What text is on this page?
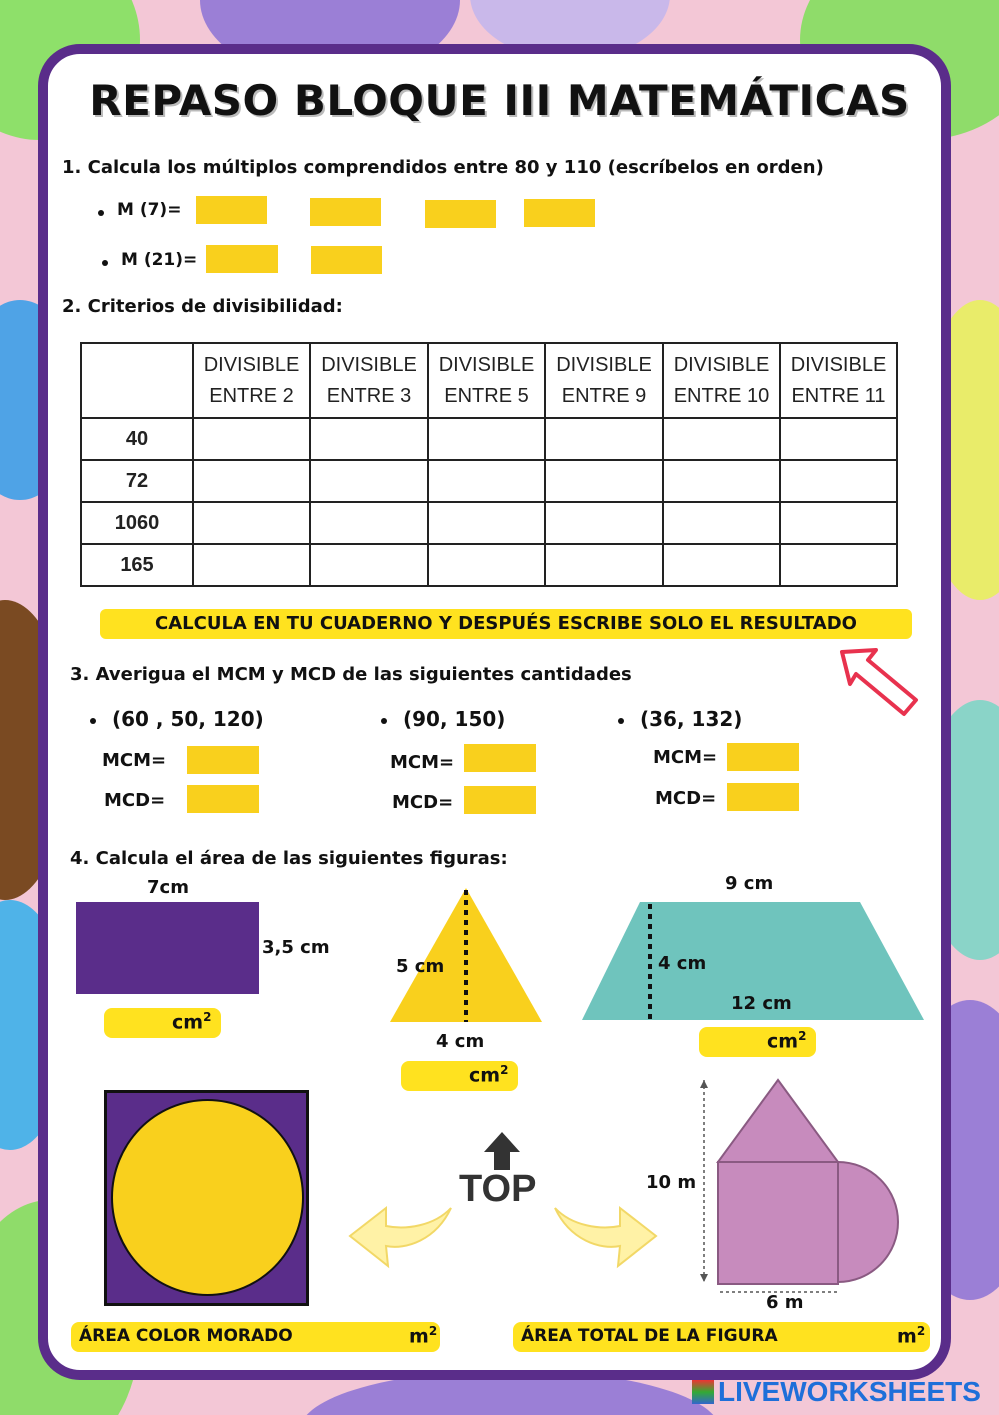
REPASO BLOQUE III MATEMÁTICAS
1. Calcula los múltiplos comprendidos entre 80 y 110 (escríbelos en orden)
M (7)=
M (21)=
2. Criterios de divisibilidad:
	DIVISIBLE ENTRE 2	DIVISIBLE ENTRE 3	DIVISIBLE ENTRE 5	DIVISIBLE ENTRE 9	DIVISIBLE ENTRE 10	DIVISIBLE ENTRE 11
40						
72						
1060						
165						
CALCULA EN TU CUADERNO Y DESPUÉS ESCRIBE SOLO EL RESULTADO
3. Averigua el MCM y MCD de las siguientes cantidades
(60 , 50, 120)
MCM=
MCD=
(90, 150)
MCM=
MCD=
(36, 132)
MCM=
MCD=
4. Calcula el área de las siguientes figuras:
7cm
3,5 cm
$cm^2$
5 cm
4 cm
$cm^2$
9 cm
4 cm
12 cm
$cm^2$
TOP	10 m
6 m
ÁREA COLOR MORADO	$m^2$	ÁREA TOTAL DE LA FIGURA	$m^2$
LIVEWORKSHEETS
